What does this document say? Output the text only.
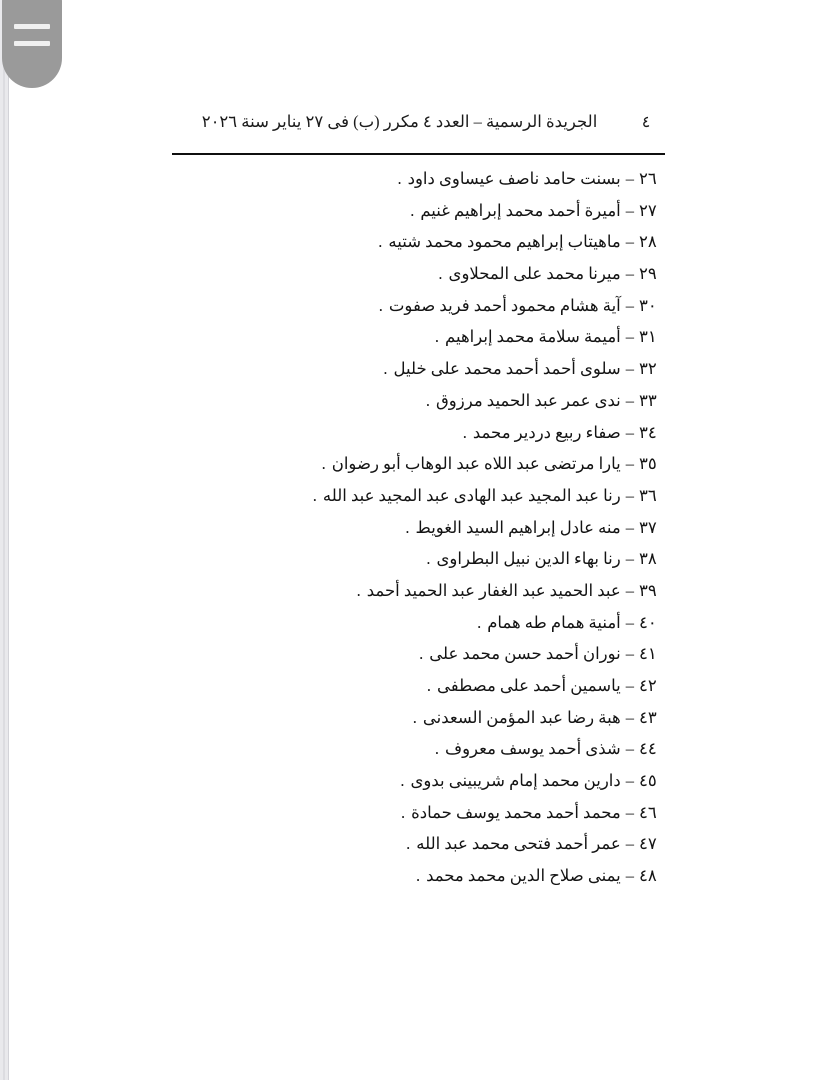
٤
الجريدة الرسمية – العدد ٤ مكرر (ب) فى ٢٧ يناير سنة ٢٠٢٦
٢٦
–
بسنت حامد ناصف عيساوى داود
.
٢٧
–
أميرة أحمد محمد إبراهيم غنيم
.
٢٨
–
ماهيتاب إبراهيم محمود محمد شتيه
.
٢٩
–
ميرنا محمد على المحلاوى
.
٣٠
–
آية هشام محمود أحمد فريد صفوت
.
٣١
–
أميمة سلامة محمد إبراهيم
.
٣٢
–
سلوى أحمد أحمد محمد على خليل
.
٣٣
–
ندى عمر عبد الحميد مرزوق
.
٣٤
–
صفاء ربيع دردير محمد
.
٣٥
–
يارا مرتضى عبد اللاه عبد الوهاب أبو رضوان
.
٣٦
–
رنا عبد المجيد عبد الهادى عبد المجيد عبد الله
.
٣٧
–
منه عادل إبراهيم السيد الغويط
.
٣٨
–
رنا بهاء الدين نبيل البطراوى
.
٣٩
–
عبد الحميد عبد الغفار عبد الحميد أحمد
.
٤٠
–
أمنية همام طه همام
.
٤١
–
نوران أحمد حسن محمد على
.
٤٢
–
ياسمين أحمد على مصطفى
.
٤٣
–
هبة رضا عبد المؤمن السعدنى
.
٤٤
–
شذى أحمد يوسف معروف
.
٤٥
–
دارين محمد إمام شريبينى بدوى
.
٤٦
–
محمد أحمد محمد يوسف حمادة
.
٤٧
–
عمر أحمد فتحى محمد عبد الله
.
٤٨
–
يمنى صلاح الدين محمد محمد
.
